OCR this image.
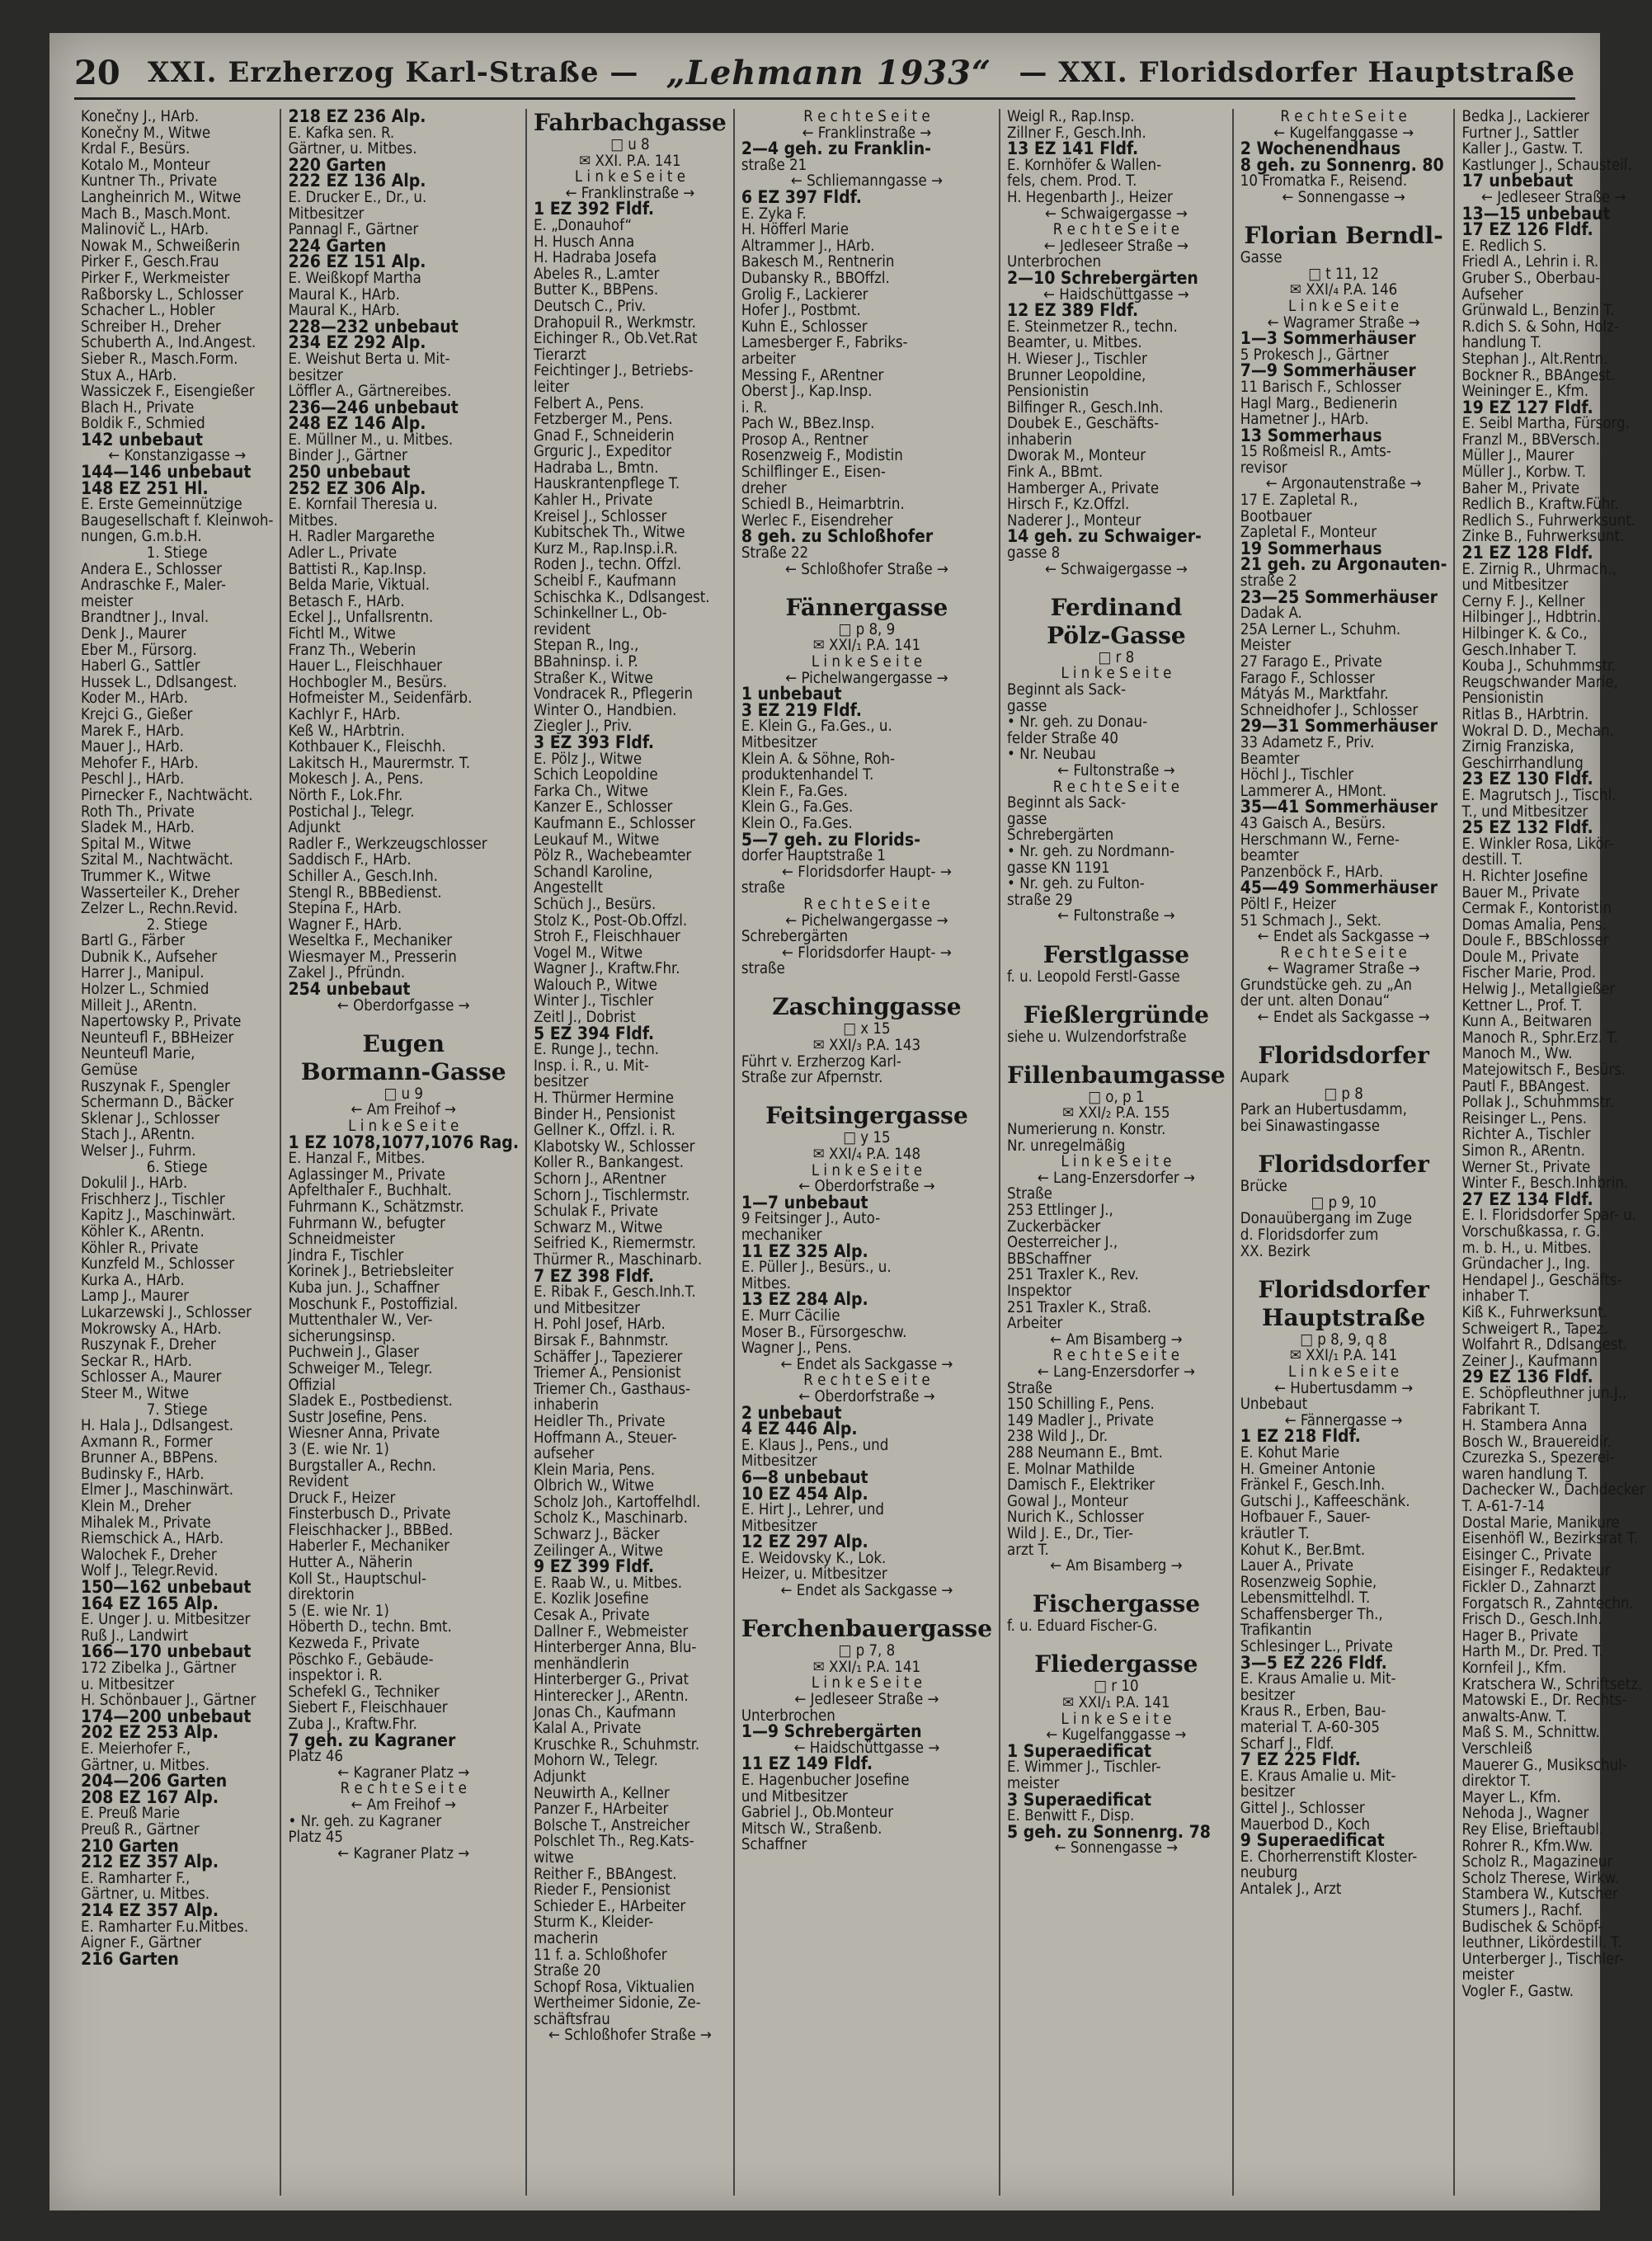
20 XXI. Erzherzog Karl-Straße — „Lehmann 1933“ — XXI. Floridsdorfer Hauptstraße
Konečny J., HArb.
Konečny M., Witwe
Krdal F., Besürs.
Kotalo M., Monteur
Kuntner Th., Private
Langheinrich M., Witwe
Mach B., Masch.Mont.
Malinovič L., HArb.
Nowak M., Schweißerin
Pirker F., Gesch.Frau
Pirker F., Werkmeister
Raßborsky L., Schlosser
Schacher L., Hobler
Schreiber H., Dreher
Schuberth A., Ind.Angest.
Sieber R., Masch.Form.
Stux A., HArb.
Wassiczek F., Eisengießer
Blach H., Private
Boldik F., Schmied
142 unbebaut
← Konstanzigasse →
144—146 unbebaut
148 EZ 251 Hl.
E. Erste Gemeinnützige
Baugesellschaft f. Kleinwoh-
nungen, G.m.b.H.
1. Stiege
Andera E., Schlosser
Andraschke F., Maler-
meister
Brandtner J., Inval.
Denk J., Maurer
Eber M., Fürsorg.
Haberl G., Sattler
Hussek L., Ddlsangest.
Koder M., HArb.
Krejci G., Gießer
Marek F., HArb.
Mauer J., HArb.
Mehofer F., HArb.
Peschl J., HArb.
Pirnecker F., Nachtwächt.
Roth Th., Private
Sladek M., HArb.
Spital M., Witwe
Szital M., Nachtwächt.
Trummer K., Witwe
Wasserteiler K., Dreher
Zelzer L., Rechn.Revid.
2. Stiege
Bartl G., Färber
Dubnik K., Aufseher
Harrer J., Manipul.
Holzer L., Schmied
Milleit J., ARentn.
Napertowsky P., Private
Neunteufl F., BBHeizer
Neunteufl Marie,
Gemüse
Ruszynak F., Spengler
Schermann D., Bäcker
Sklenar J., Schlosser
Stach J., ARentn.
Welser J., Fuhrm.
6. Stiege
Dokulil J., HArb.
Frischherz J., Tischler
Kapitz J., Maschinwärt.
Köhler K., ARentn.
Köhler R., Private
Kunzfeld M., Schlosser
Kurka A., HArb.
Lamp J., Maurer
Lukarzewski J., Schlosser
Mokrowsky A., HArb.
Ruszynak F., Dreher
Seckar R., HArb.
Schlosser A., Maurer
Steer M., Witwe
7. Stiege
H. Hala J., Ddlsangest.
Axmann R., Former
Brunner A., BBPens.
Budinsky F., HArb.
Elmer J., Maschinwärt.
Klein M., Dreher
Mihalek M., Private
Riemschick A., HArb.
Walochek F., Dreher
Wolf J., Telegr.Revid.
150—162 unbebaut
164 EZ 165 Alp.
E. Unger J. u. Mitbesitzer
Ruß J., Landwirt
166—170 unbebaut
172 Zibelka J., Gärtner
u. Mitbesitzer
H. Schönbauer J., Gärtner
174—200 unbebaut
202 EZ 253 Alp.
E. Meierhofer F.,
Gärtner, u. Mitbes.
204—206 Garten
208 EZ 167 Alp.
E. Preuß Marie
Preuß R., Gärtner
210 Garten
212 EZ 357 Alp.
E. Ramharter F.,
Gärtner, u. Mitbes.
214 EZ 357 Alp.
E. Ramharter F.u.Mitbes.
Aigner F., Gärtner
216 Garten
218 EZ 236 Alp.
E. Kafka sen. R.
Gärtner, u. Mitbes.
220 Garten
222 EZ 136 Alp.
E. Drucker E., Dr., u.
Mitbesitzer
Pannagl F., Gärtner
224 Garten
226 EZ 151 Alp.
E. Weißkopf Martha
Maural K., HArb.
Maural K., HArb.
228—232 unbebaut
234 EZ 292 Alp.
E. Weishut Berta u. Mit-
besitzer
Löffler A., Gärtnereibes.
236—246 unbebaut
248 EZ 146 Alp.
E. Müllner M., u. Mitbes.
Binder J., Gärtner
250 unbebaut
252 EZ 306 Alp.
E. Kornfail Theresia u.
Mitbes.
H. Radler Margarethe
Adler L., Private
Battisti R., Kap.Insp.
Belda Marie, Viktual.
Betasch F., HArb.
Eckel J., Unfallsrentn.
Fichtl M., Witwe
Franz Th., Weberin
Hauer L., Fleischhauer
Hochbogler M., Besürs.
Hofmeister M., Seidenfärb.
Kachlyr F., HArb.
Keß W., HArbtrin.
Kothbauer K., Fleischh.
Lakitsch H., Maurermstr. T.
Mokesch J. A., Pens.
Nörth F., Lok.Fhr.
Postichal J., Telegr.
Adjunkt
Radler F., Werkzeugschlosser
Saddisch F., HArb.
Schiller A., Gesch.Inh.
Stengl R., BBBedienst.
Stepina F., HArb.
Wagner F., HArb.
Weseltka F., Mechaniker
Wiesmayer M., Presserin
Zakel J., Pfründn.
254 unbebaut
← Oberdorfgasse →

Eugen
Bormann-Gasse
□ u 9
← Am Freihof →
L i n k e S e i t e
1 EZ 1078,1077,1076 Rag.
E. Hanzal F., Mitbes.
Aglassinger M., Private
Apfelthaler F., Buchhalt.
Fuhrmann K., Schätzmstr.
Fuhrmann W., befugter
Schneidmeister
Jindra F., Tischler
Korinek J., Betriebsleiter
Kuba jun. J., Schaffner
Moschunk F., Postoffizial.
Muttenthaler W., Ver-
sicherungsinsp.
Puchwein J., Glaser
Schweiger M., Telegr.
Offizial
Sladek E., Postbedienst.
Sustr Josefine, Pens.
Wiesner Anna, Private
3 (E. wie Nr. 1)
Burgstaller A., Rechn.
Revident
Druck F., Heizer
Finsterbusch D., Private
Fleischhacker J., BBBed.
Haberler F., Mechaniker
Hutter A., Näherin
Koll St., Hauptschul-
direktorin
5 (E. wie Nr. 1)
Höberth D., techn. Bmt.
Kezweda F., Private
Pöschko F., Gebäude-
inspektor i. R.
Schefekl G., Techniker
Siebert F., Fleischhauer
Zuba J., Kraftw.Fhr.
7 geh. zu Kagraner
Platz 46
← Kagraner Platz →
R e c h t e S e i t e
← Am Freihof →
• Nr. geh. zu Kagraner
Platz 45
← Kagraner Platz →
Fahrbachgasse
□ u 8
✉ XXI. P.A. 141
L i n k e S e i t e
← Franklinstraße →
1 EZ 392 Fldf.
E. „Donauhof“
H. Husch Anna
H. Hadraba Josefa
Abeles R., L.amter
Butter K., BBPens.
Deutsch C., Priv.
Drahopuil R., Werkmstr.
Eichinger R., Ob.Vet.Rat
Tierarzt
Feichtinger J., Betriebs-
leiter
Felbert A., Pens.
Fetzberger M., Pens.
Gnad F., Schneiderin
Grguric J., Expeditor
Hadraba L., Bmtn.
Hauskrantenpflege T.
Kahler H., Private
Kreisel J., Schlosser
Kubitschek Th., Witwe
Kurz M., Rap.Insp.i.R.
Roden J., techn. Offzl.
Scheibl F., Kaufmann
Schischka K., Ddlsangest.
Schinkellner L., Ob-
revident
Stepan R., Ing.,
BBahninsp. i. P.
Straßer K., Witwe
Vondracek R., Pflegerin
Winter O., Handbien.
Ziegler J., Priv.
3 EZ 393 Fldf.
E. Pölz J., Witwe
Schich Leopoldine
Farka Ch., Witwe
Kanzer E., Schlosser
Kaufmann E., Schlosser
Leukauf M., Witwe
Pölz R., Wachebeamter
Schandl Karoline,
Angestellt
Schüch J., Besürs.
Stolz K., Post-Ob.Offzl.
Stroh F., Fleischhauer
Vogel M., Witwe
Wagner J., Kraftw.Fhr.
Walouch P., Witwe
Winter J., Tischler
Zeitl J., Dobrist
5 EZ 394 Fldf.
E. Runge J., techn.
Insp. i. R., u. Mit-
besitzer
H. Thürmer Hermine
Binder H., Pensionist
Gellner K., Offzl. i. R.
Klabotsky W., Schlosser
Koller R., Bankangest.
Schorn J., ARentner
Schorn J., Tischlermstr.
Schulak F., Private
Schwarz M., Witwe
Seifried K., Riemermstr.
Thürmer R., Maschinarb.
7 EZ 398 Fldf.
E. Ribak F., Gesch.Inh.T.
und Mitbesitzer
H. Pohl Josef, HArb.
Birsak F., Bahnmstr.
Schäffer J., Tapezierer
Triemer A., Pensionist
Triemer Ch., Gasthaus-
inhaberin
Heidler Th., Private
Hoffmann A., Steuer-
aufseher
Klein Maria, Pens.
Olbrich W., Witwe
Scholz Joh., Kartoffelhdl.
Scholz K., Maschinarb.
Schwarz J., Bäcker
Zeilinger A., Witwe
9 EZ 399 Fldf.
E. Raab W., u. Mitbes.
E. Kozlik Josefine
Cesak A., Private
Dallner F., Webmeister
Hinterberger Anna, Blu-
menhändlerin
Hinterberger G., Privat
Hinterecker J., ARentn.
Jonas Ch., Kaufmann
Kalal A., Private
Kruschke R., Schuhmstr.
Mohorn W., Telegr.
Adjunkt
Neuwirth A., Kellner
Panzer F., HArbeiter
Bolsche T., Anstreicher
Polschlet Th., Reg.Kats-
witwe
Reither F., BBAngest.
Rieder F., Pensionist
Schieder E., HArbeiter
Sturm K., Kleider-
macherin
11 f. a. Schloßhofer
Straße 20
Schopf Rosa, Viktualien
Wertheimer Sidonie, Ze-
schäftsfrau
← Schloßhofer Straße →
R e c h t e S e i t e
← Franklinstraße →
2—4 geh. zu Franklin-
straße 21
← Schliemanngasse →
6 EZ 397 Fldf.
E. Zyka F.
H. Höfferl Marie
Altrammer J., HArb.
Bakesch M., Rentnerin
Dubansky R., BBOffzl.
Grolig F., Lackierer
Hofer J., Postbmt.
Kuhn E., Schlosser
Lamesberger F., Fabriks-
arbeiter
Messing F., ARentner
Oberst J., Kap.Insp.
i. R.
Pach W., BBez.Insp.
Prosop A., Rentner
Rosenzweig F., Modistin
Schilflinger E., Eisen-
dreher
Schiedl B., Heimarbtrin.
Werlec F., Eisendreher
8 geh. zu Schloßhofer
Straße 22
← Schloßhofer Straße →

Fännergasse
□ p 8, 9
✉ XXI/₁ P.A. 141
L i n k e S e i t e
← Pichelwangergasse →
1 unbebaut
3 EZ 219 Fldf.
E. Klein G., Fa.Ges., u.
Mitbesitzer
Klein A. & Söhne, Roh-
produktenhandel T.
Klein F., Fa.Ges.
Klein G., Fa.Ges.
Klein O., Fa.Ges.
5—7 geh. zu Florids-
dorfer Hauptstraße 1
← Floridsdorfer Haupt- →
straße
R e c h t e S e i t e
← Pichelwangergasse →
Schrebergärten
← Floridsdorfer Haupt- →
straße

Zaschinggasse
□ x 15
✉ XXI/₃ P.A. 143
Führt v. Erzherzog Karl-
Straße zur Afpernstr.

Feitsingergasse
□ y 15
✉ XXI/₄ P.A. 148
L i n k e S e i t e
← Oberdorfstraße →
1—7 unbebaut
9 Feitsinger J., Auto-
mechaniker
11 EZ 325 Alp.
E. Püller J., Besürs., u.
Mitbes.
13 EZ 284 Alp.
E. Murr Cäcilie
Moser B., Fürsorgeschw.
Wagner J., Pens.
← Endet als Sackgasse →
R e c h t e S e i t e
← Oberdorfstraße →
2 unbebaut
4 EZ 446 Alp.
E. Klaus J., Pens., und
Mitbesitzer
6—8 unbebaut
10 EZ 454 Alp.
E. Hirt J., Lehrer, und
Mitbesitzer
12 EZ 297 Alp.
E. Weidovsky K., Lok.
Heizer, u. Mitbesitzer
← Endet als Sackgasse →

Ferchenbauergasse
□ p 7, 8
✉ XXI/₁ P.A. 141
L i n k e S e i t e
← Jedleseer Straße →
Unterbrochen
1—9 Schrebergärten
← Haidschüttgasse →
11 EZ 149 Fldf.
E. Hagenbucher Josefine
und Mitbesitzer
Gabriel J., Ob.Monteur
Mitsch W., Straßenb.
Schaffner
Weigl R., Rap.Insp.
Zillner F., Gesch.Inh.
13 EZ 141 Fldf.
E. Kornhöfer & Wallen-
fels, chem. Prod. T.
H. Hegenbarth J., Heizer
← Schwaigergasse →
R e c h t e S e i t e
← Jedleseer Straße →
Unterbrochen
2—10 Schrebergärten
← Haidschüttgasse →
12 EZ 389 Fldf.
E. Steinmetzer R., techn.
Beamter, u. Mitbes.
H. Wieser J., Tischler
Brunner Leopoldine,
Pensionistin
Bilfinger R., Gesch.Inh.
Doubek E., Geschäfts-
inhaberin
Dworak M., Monteur
Fink A., BBmt.
Hamberger A., Private
Hirsch F., Kz.Offzl.
Naderer J., Monteur
14 geh. zu Schwaiger-
gasse 8
← Schwaigergasse →

Ferdinand
Pölz-Gasse
□ r 8
L i n k e S e i t e
Beginnt als Sack-
gasse
• Nr. geh. zu Donau-
felder Straße 40
• Nr. Neubau
← Fultonstraße →
R e c h t e S e i t e
Beginnt als Sack-
gasse
Schrebergärten
• Nr. geh. zu Nordmann-
gasse KN 1191
• Nr. geh. zu Fulton-
straße 29
← Fultonstraße →

Ferstlgasse
f. u. Leopold Ferstl-Gasse

Fießlergründe
siehe u. Wulzendorfstraße

Fillenbaumgasse
□ o, p 1
✉ XXI/₂ P.A. 155
Numerierung n. Konstr.
Nr. unregelmäßig
L i n k e S e i t e
← Lang-Enzersdorfer →
Straße
253 Ettlinger J.,
Zuckerbäcker
Oesterreicher J.,
BBSchaffner
251 Traxler K., Rev.
Inspektor
251 Traxler K., Straß.
Arbeiter
← Am Bisamberg →
R e c h t e S e i t e
← Lang-Enzersdorfer →
Straße
150 Schilling F., Pens.
149 Madler J., Private
238 Wild J., Dr.
288 Neumann E., Bmt.
E. Molnar Mathilde
Damisch F., Elektriker
Gowal J., Monteur
Nurich K., Schlosser
Wild J. E., Dr., Tier-
arzt T.
← Am Bisamberg →

Fischergasse
f. u. Eduard Fischer-G.

Fliedergasse
□ r 10
✉ XXI/₁ P.A. 141
L i n k e S e i t e
← Kugelfanggasse →
1 Superaedificat
E. Wimmer J., Tischler-
meister
3 Superaedificat
E. Benwitt F., Disp.
5 geh. zu Sonnenrg. 78
← Sonnengasse →
R e c h t e S e i t e
← Kugelfanggasse →
2 Wochenendhaus
8 geh. zu Sonnenrg. 80
10 Fromatka F., Reisend.
← Sonnengasse →

Florian Berndl-
Gasse
□ t 11, 12
✉ XXI/₄ P.A. 146
L i n k e S e i t e
← Wagramer Straße →
1—3 Sommerhäuser
5 Prokesch J., Gärtner
7—9 Sommerhäuser
11 Barisch F., Schlosser
Hagl Marg., Bedienerin
Hametner J., HArb.
13 Sommerhaus
15 Roßmeisl R., Amts-
revisor
← Argonautenstraße →
17 E. Zapletal R.,
Bootbauer
Zapletal F., Monteur
19 Sommerhaus
21 geh. zu Argonauten-
straße 2
23—25 Sommerhäuser
Dadak A.
25A Lerner L., Schuhm.
Meister
27 Farago E., Private
Farago F., Schlosser
Mátyás M., Marktfahr.
Schneidhofer J., Schlosser
29—31 Sommerhäuser
33 Adametz F., Priv.
Beamter
Höchl J., Tischler
Lammerer A., HMont.
35—41 Sommerhäuser
43 Gaisch A., Besürs.
Herschmann W., Ferne-
beamter
Panzenböck F., HArb.
45—49 Sommerhäuser
Pöltl F., Heizer
51 Schmach J., Sekt.
← Endet als Sackgasse →
R e c h t e S e i t e
← Wagramer Straße →
Grundstücke geh. zu „An
der unt. alten Donau“
← Endet als Sackgasse →

Floridsdorfer
Aupark
□ p 8
Park an Hubertusdamm,
bei Sinawastingasse

Floridsdorfer
Brücke
□ p 9, 10
Donauübergang im Zuge
d. Floridsdorfer zum
XX. Bezirk

Floridsdorfer
Hauptstraße
□ p 8, 9, q 8
✉ XXI/₁ P.A. 141
L i n k e S e i t e
← Hubertusdamm →
Unbebaut
← Fännergasse →
1 EZ 218 Fldf.
E. Kohut Marie
H. Gmeiner Antonie
Fränkel F., Gesch.Inh.
Gutschi J., Kaffeeschänk.
Hofbauer F., Sauer-
kräutler T.
Kohut K., Ber.Bmt.
Lauer A., Private
Rosenzweig Sophie,
Lebensmittelhdl. T.
Schaffensberger Th.,
Trafikantin
Schlesinger L., Private
3—5 EZ 226 Fldf.
E. Kraus Amalie u. Mit-
besitzer
Kraus R., Erben, Bau-
material T. A-60-305
Scharf J., Fldf.
7 EZ 225 Fldf.
E. Kraus Amalie u. Mit-
besitzer
Gittel J., Schlosser
Mauerbod D., Koch
9 Superaedificat
E. Chorherrenstift Kloster-
neuburg
Antalek J., Arzt
Bedka J., Lackierer
Furtner J., Sattler
Kaller J., Gastw. T.
Kastlunger J., Schausteil.
17 unbebaut
← Jedleseer Straße →
13—15 unbebaut
17 EZ 126 Fldf.
E. Redlich S.
Friedl A., Lehrin i. R.
Gruber S., Oberbau-
Aufseher
Grünwald L., Benzin T.
R.dich S. & Sohn, Holz-
handlung T.
Stephan J., Alt.Rentn.
Bockner R., BBAngest.
Weininger E., Kfm.
19 EZ 127 Fldf.
E. Seibl Martha, Fürsorg.
Franzl M., BBVersch.
Müller J., Maurer
Müller J., Korbw. T.
Baher M., Private
Redlich B., Kraftw.Führ.
Redlich S., Fuhrwerksunt.
Zinke B., Fuhrwerksunt.
21 EZ 128 Fldf.
E. Zirnig R., Uhrmach.,
und Mitbesitzer
Cerny F. J., Kellner
Hilbinger J., Hdbtrin.
Hilbinger K. & Co.,
Gesch.Inhaber T.
Kouba J., Schuhmmstr.
Reugschwander Marie,
Pensionistin
Ritlas B., HArbtrin.
Wokral D. D., Mechan.
Zirnig Franziska,
Geschirrhandlung
23 EZ 130 Fldf.
E. Magrutsch J., Tischl.
T., und Mitbesitzer
25 EZ 132 Fldf.
E. Winkler Rosa, Likör-
destill. T.
H. Richter Josefine
Bauer M., Private
Cermak F., Kontoristin
Domas Amalia, Pens.
Doule F., BBSchlosser
Doule M., Private
Fischer Marie, Prod.
Helwig J., Metallgießer
Kettner L., Prof. T.
Kunn A., Beitwaren
Manoch R., Sphr.Erz. T.
Manoch M., Ww.
Matejowitsch F., Besürs.
Pautl F., BBAngest.
Pollak J., Schuhmmstr.
Reisinger L., Pens.
Richter A., Tischler
Simon R., ARentn.
Werner St., Private
Winter F., Besch.Inhbrin.
27 EZ 134 Fldf.
E. I. Floridsdorfer Spar- u.
Vorschußkassa, r. G.
m. b. H., u. Mitbes.
Gründacher J., Ing.
Hendapel J., Geschäfts-
inhaber T.
Kiß K., Fuhrwerksunt.
Schweigert R., Tapez.
Wolfahrt R., Ddlsangest.
Zeiner J., Kaufmann
29 EZ 136 Fldf.
E. Schöpfleuthner jun.J.,
Fabrikant T.
H. Stambera Anna
Bosch W., Brauereidir.
Czurezka S., Spezerei-
waren handlung T.
Dachecker W., Dachdecker
T. A-61-7-14
Dostal Marie, Manikure
Eisenhöfl W., Bezirksrat T.
Eisinger C., Private
Eisinger F., Redakteur
Fickler D., Zahnarzt
Forgatsch R., Zahntechn.
Frisch D., Gesch.Inh.
Hager B., Private
Harth M., Dr. Pred. T.
Kornfeil J., Kfm.
Kratschera W., Schriftsetz.
Matowski E., Dr. Rechts-
anwalts-Anw. T.
Maß S. M., Schnittw.
Verschleiß
Mauerer G., Musikschul-
direktor T.
Mayer L., Kfm.
Nehoda J., Wagner
Rey Elise, Brieftaubl.
Rohrer R., Kfm.Ww.
Scholz R., Magazineur
Scholz Therese, Wirkw.
Stambera W., Kutscher
Stumers J., Rachf.
Budischek & Schöpf-
leuthner, Likördestill. T.
Unterberger J., Tischler-
meister
Vogler F., Gastw.
